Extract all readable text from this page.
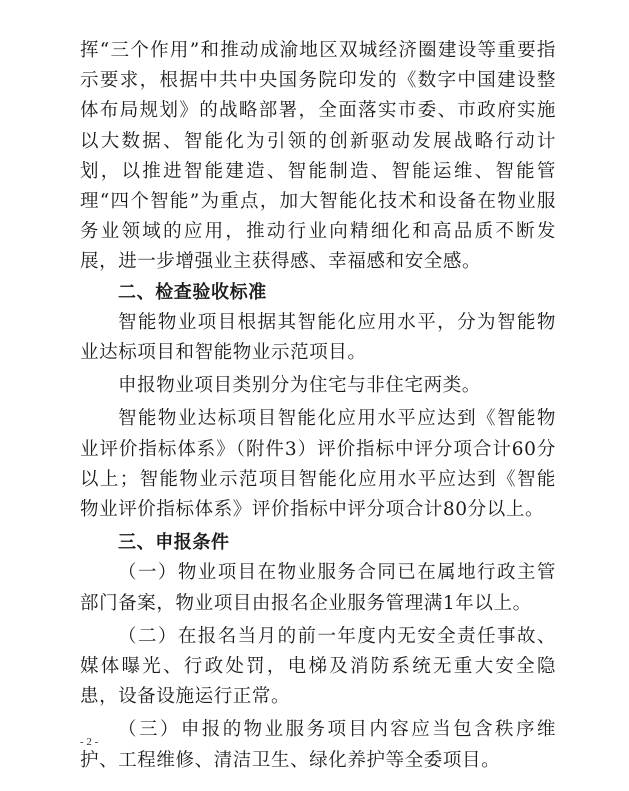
挥“三个作用”和推动成渝地区双城经济圈建设等重要指示要求，根据中共中央国务院印发的《数字中国建设整体布局规划》的战略部署，全面落实市委、市政府实施以大数据、智能化为引领的创新驱动发展战略行动计划，以推进智能建造、智能制造、智能运维、智能管理“四个智能”为重点，加大智能化技术和设备在物业服务业领域的应用，推动行业向精细化和高品质不断发展，进一步增强业主获得感、幸福感和安全感。

二、检查验收标准

智能物业项目根据其智能化应用水平，分为智能物业达标项目和智能物业示范项目。

申报物业项目类别分为住宅与非住宅两类。

智能物业达标项目智能化应用水平应达到《智能物业评价指标体系》（附件3）评价指标中评分项合计60分以上；智能物业示范项目智能化应用水平应达到《智能物业评价指标体系》评价指标中评分项合计80分以上。

三、申报条件

（一）物业项目在物业服务合同已在属地行政主管部门备案，物业项目由报名企业服务管理满1年以上。

（二）在报名当月的前一年度内无安全责任事故、媒体曝光、行政处罚，电梯及消防系统无重大安全隐患，设备设施运行正常。

（三）申报的物业服务项目内容应当包含秩序维护、工程维修、清洁卫生、绿化养护等全委项目。

- 2 -
